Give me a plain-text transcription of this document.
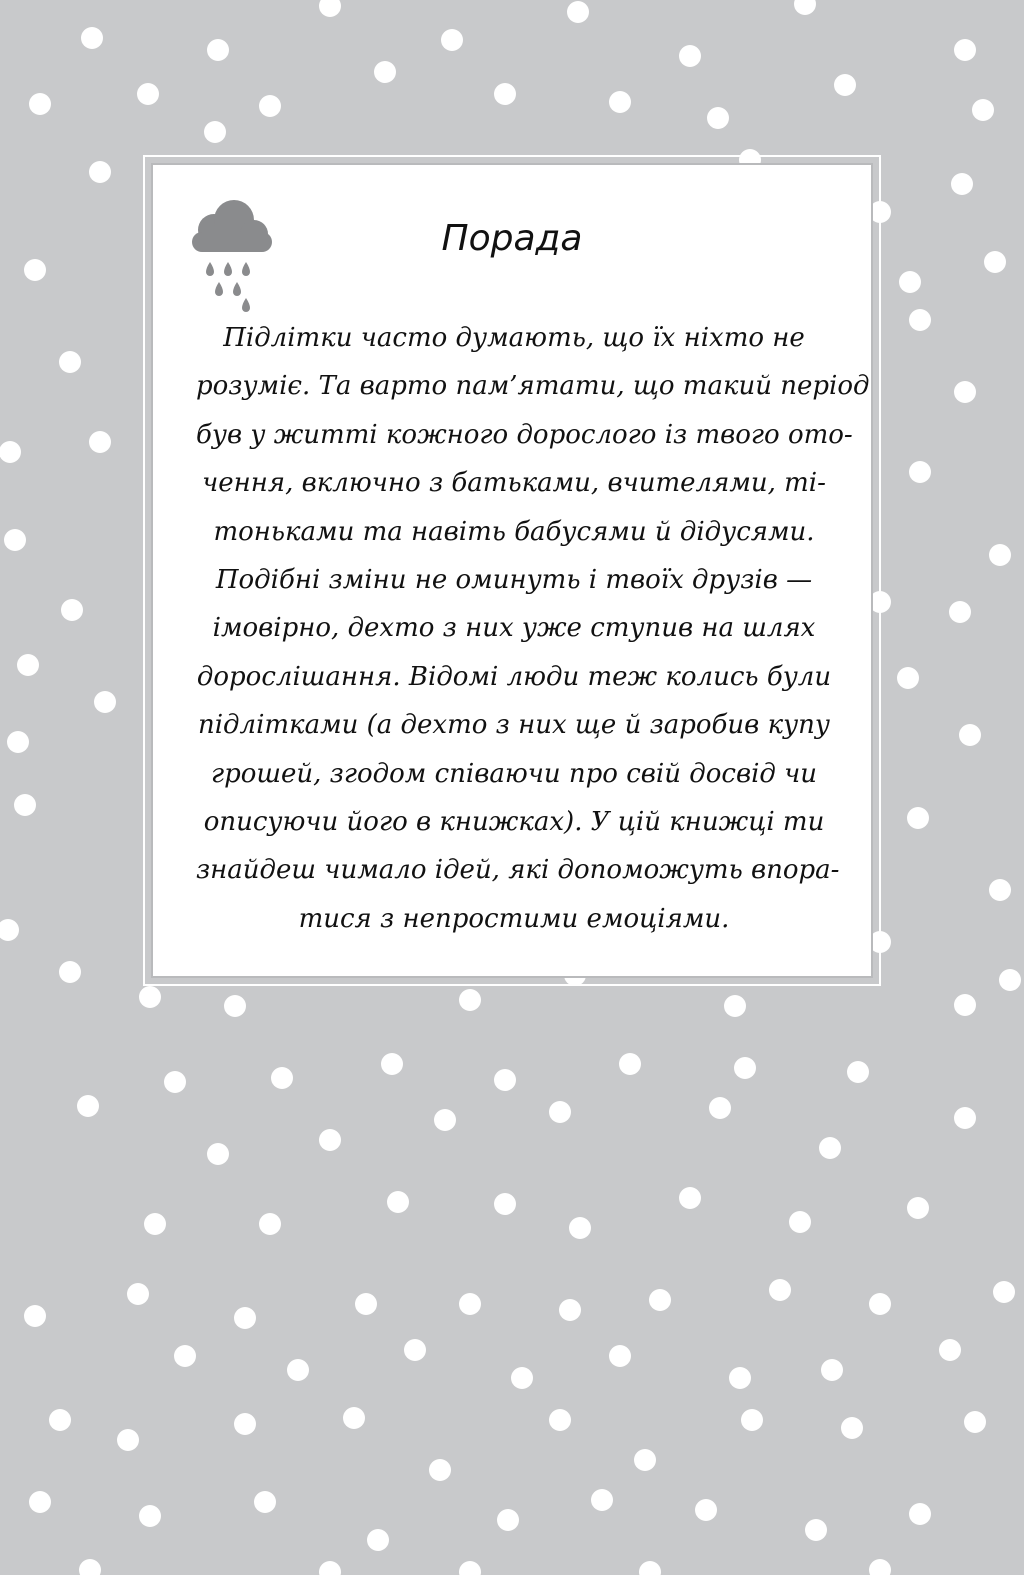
Порада

Підлітки часто думають, що їх ніхто не
розуміє. Та варто пам’ятати, що такий період
був у житті кожного дорослого із твого ото-
чення, включно з батьками, вчителями, ті-
тоньками та навіть бабусями й дідусями.
Подібні зміни не оминуть і твоїх друзів —
імовірно, дехто з них уже ступив на шлях
дорослішання. Відомі люди теж колись були
підлітками (а дехто з них ще й заробив купу
грошей, згодом співаючи про свій досвід чи
описуючи його в книжках). У цій книжці ти
знайдеш чимало ідей, які допоможуть впора-
тися з непростими емоціями.
